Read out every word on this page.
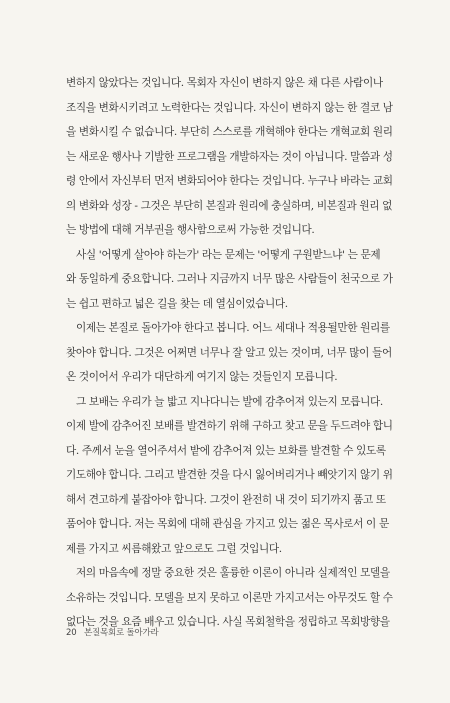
변하지 않았다는 것입니다. 목회자 자신이 변하지 않은 채 다른 사람이나
조직을 변화시키려고 노력한다는 것입니다. 자신이 변하지 않는 한 결코 남
을 변화시킬 수 없습니다. 부단히 스스로를 개혁해야 한다는 개혁교회 원리
는 새로운 행사나 기발한 프로그램을 개발하자는 것이 아닙니다. 말씀과 성
령 안에서 자신부터 먼저 변화되어야 한다는 것입니다. 누구나 바라는 교회
의 변화와 성장 - 그것은 부단히 본질과 원리에 충실하며, 비본질과 원리 없
는 방법에 대해 거부권을 행사함으로써 가능한 것입니다.
사실 '어떻게 살아야 하는가' 라는 문제는 '어떻게 구원받느냐' 는 문제
와 동일하게 중요합니다. 그러나 지금까지 너무 많은 사람들이 천국으로 가
는 쉽고 편하고 넓은 길을 찾는 데 열심이었습니다.
이제는 본질로 돌아가야 한다고 봅니다. 어느 세대나 적용될만한 원리를
찾아야 합니다. 그것은 어쩌면 너무나 잘 알고 있는 것이며, 너무 많이 들어
온 것이어서 우리가 대단하게 여기지 않는 것들인지 모릅니다.
그 보배는 우리가 늘 밟고 지나다니는 발에 감추어져 있는지 모릅니다.
이제 발에 감추어진 보배를 발견하기 위해 구하고 찾고 문을 두드려야 합니
다. 주께서 눈을 열어주셔서 밭에 감추어져 있는 보화를 발견할 수 있도록
기도해야 합니다. 그리고 발견한 것을 다시 잃어버리거나 빼앗기지 않기 위
해서 견고하게 붙잡아야 합니다. 그것이 완전히 내 것이 되기까지 품고 또
품어야 합니다. 저는 목회에 대해 관심을 가지고 있는 젊은 목사로서 이 문
제를 가지고 씨름해왔고 앞으로도 그럴 것입니다.
저의 마음속에 정말 중요한 것은 훌륭한 이론이 아니라 실제적인 모델을
소유하는 것입니다. 모델을 보지 못하고 이론만 가지고서는 아무것도 할 수
없다는 것을 요즘 배우고 있습니다. 사실 목회철학을 정립하고 목회방향을
20 본질목회로 돌아가라
